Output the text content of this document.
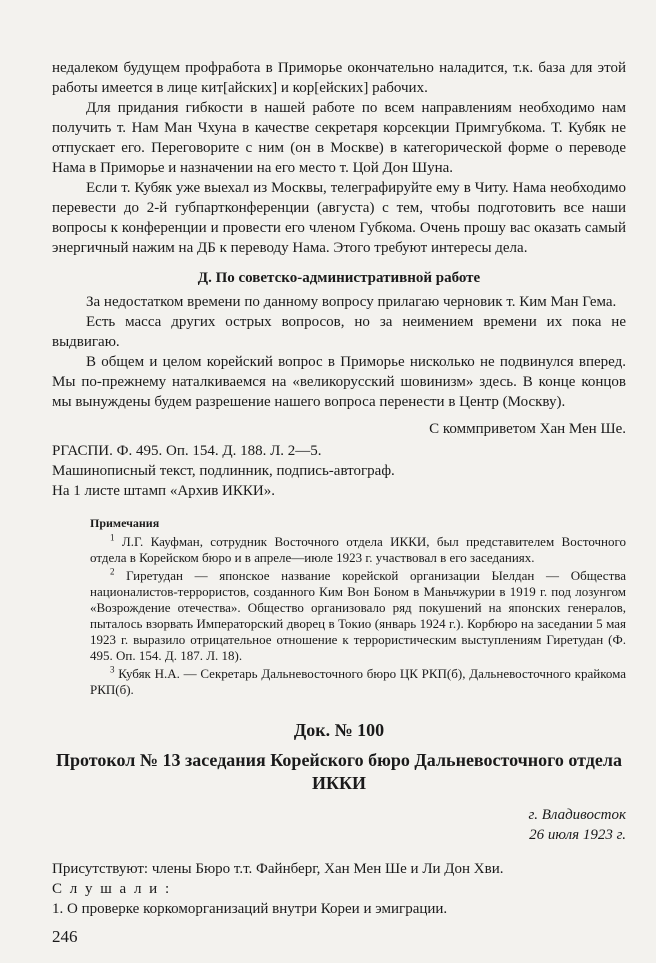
недалеком будущем профработа в Приморье окончательно наладится, т.к. база для этой работы имеется в лице кит[айских] и кор[ейских] рабочих.

Для придания гибкости в нашей работе по всем направлениям необходимо нам получить т. Нам Ман Чхуна в качестве секретаря корсекции Примгубкома. Т. Кубяк не отпускает его. Переговорите с ним (он в Москве) в категорической форме о переводе Нама в Приморье и назначении на его место т. Цой Дон Шуна.

Если т. Кубяк уже выехал из Москвы, телеграфируйте ему в Читу. Нама необходимо перевести до 2-й губпартконференции (августа) с тем, чтобы подготовить все наши вопросы к конференции и провести его членом Губкома. Очень прошу вас оказать самый энергичный нажим на ДБ к переводу Нама. Этого требуют интересы дела.

Д. По советско-административной работе

За недостатком времени по данному вопросу прилагаю черновик т. Ким Ман Гема.

Есть масса других острых вопросов, но за неимением времени их пока не выдвигаю.

В общем и целом корейский вопрос в Приморье нисколько не подвинулся вперед. Мы по-прежнему наталкиваемся на «великорусский шовинизм» здесь. В конце концов мы вынуждены будем разрешение нашего вопроса перенести в Центр (Москву).

С коммприветом Хан Мен Ше.

РГАСПИ. Ф. 495. Оп. 154. Д. 188. Л. 2—5.

Машинописный текст, подлинник, подпись-автограф.

На 1 листе штамп «Архив ИККИ».

Примечания

$^1$ Л.Г. Кауфман, сотрудник Восточного отдела ИККИ, был представителем Восточного отдела в Корейском бюро и в апреле—июле 1923 г. участвовал в его заседаниях.

$^2$ Гиретудан — японское название корейской организации Ыелдан — Общества националистов-террористов, созданного Ким Вон Боном в Маньчжурии в 1919 г. под лозунгом «Возрождение отечества». Общество организовало ряд покушений на японских генералов, пыталось взорвать Императорский дворец в Токио (январь 1924 г.). Корбюро на заседании 5 мая 1923 г. выразило отрицательное отношение к террористическим выступлениям Гиретудан (Ф. 495. Оп. 154. Д. 187. Л. 18).

$^3$ Кубяк Н.А. — Секретарь Дальневосточного бюро ЦК РКП(б), Дальневосточного крайкома РКП(б).

Док. № 100

Протокол № 13 заседания Корейского бюро Дальневосточного отдела ИККИ

г. Владивосток

26 июля 1923 г.

Присутствуют: члены Бюро т.т. Файнберг, Хан Мен Ше и Ли Дон Хви.

С л у ш а л и :

1. О проверке коркоморганизаций внутри Кореи и эмиграции.

246
